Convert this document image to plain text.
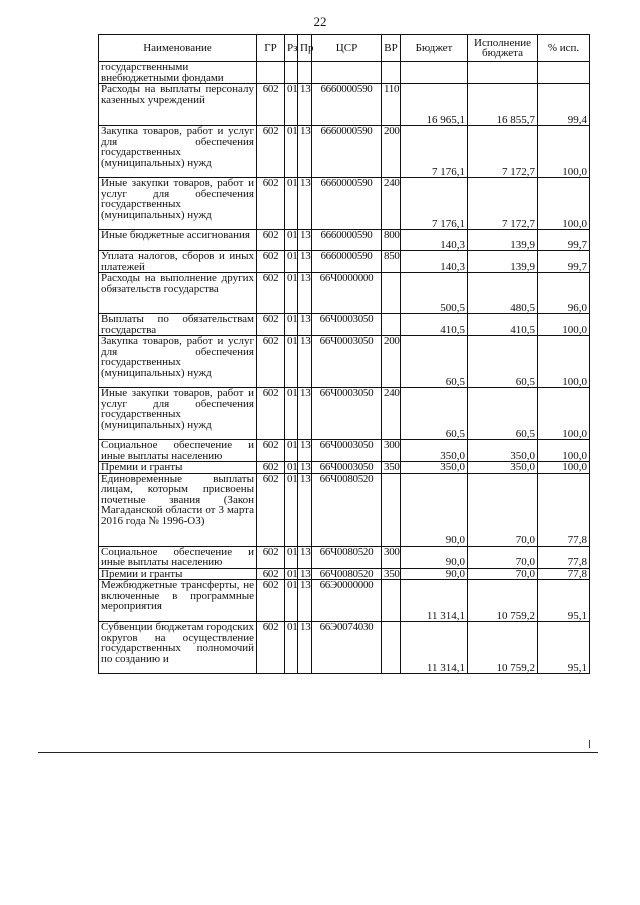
22
Наименование	ГР	Рз	Пр	ЦСР	ВР	Бюджет	Исполнение бюджета	% исп.
государственными внебюджетными фондами								
Расходы на выплаты персоналу казенных учреждений	602	01	13	6660000590	110	16 965,1	16 855,7	99,4
Закупка товаров, работ и услуг для обеспечения государственных (муниципальных) нужд	602	01	13	6660000590	200	7 176,1	7 172,7	100,0
Иные закупки товаров, работ и услуг для обеспечения государственных (муниципальных) нужд	602	01	13	6660000590	240	7 176,1	7 172,7	100,0
Иные бюджетные ассигнования	602	01	13	6660000590	800	140,3	139,9	99,7
Уплата налогов, сборов и иных платежей	602	01	13	6660000590	850	140,3	139,9	99,7
Расходы на выполнение других обязательств государства	602	01	13	66Ч0000000		500,5	480,5	96,0
Выплаты по обязательствам государства	602	01	13	66Ч0003050		410,5	410,5	100,0
Закупка товаров, работ и услуг для обеспечения государственных (муниципальных) нужд	602	01	13	66Ч0003050	200	60,5	60,5	100,0
Иные закупки товаров, работ и услуг для обеспечения государственных (муниципальных) нужд	602	01	13	66Ч0003050	240	60,5	60,5	100,0
Социальное обеспечение и иные выплаты населению	602	01	13	66Ч0003050	300	350,0	350,0	100,0
Премии и гранты	602	01	13	66Ч0003050	350	350,0	350,0	100,0
Единовременные выплаты лицам, которым присвоены почетные звания (Закон Магаданской области от 3 марта 2016 года № 1996-ОЗ)	602	01	13	66Ч0080520		90,0	70,0	77,8
Социальное обеспечение и иные выплаты населению	602	01	13	66Ч0080520	300	90,0	70,0	77,8
Премии и гранты	602	01	13	66Ч0080520	350	90,0	70,0	77,8
Межбюджетные трансферты, не включенные в программные мероприятия	602	01	13	66Э0000000		11 314,1	10 759,2	95,1
Субвенции бюджетам городских округов на осуществление государственных полномочий по созданию и	602	01	13	66Э0074030		11 314,1	10 759,2	95,1
